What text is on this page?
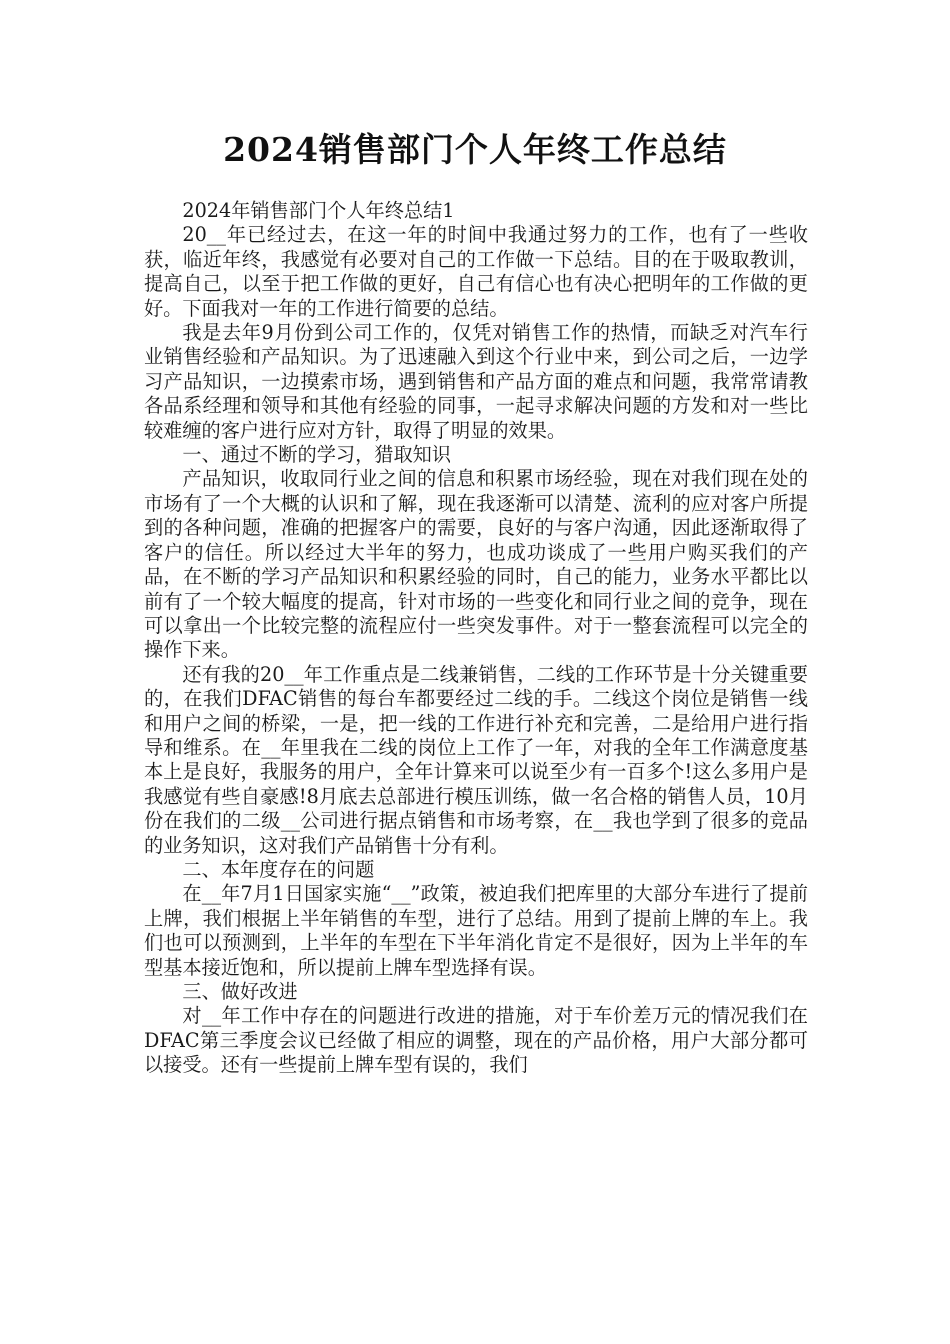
2024销售部门个人年终工作总结

2024年销售部门个人年终总结1

20__年已经过去，在这一年的时间中我通过努力的工作，也有了一些收获，临近年终，我感觉有必要对自己的工作做一下总结。目的在于吸取教训，提高自己，以至于把工作做的更好，自己有信心也有决心把明年的工作做的更好。下面我对一年的工作进行简要的总结。

我是去年9月份到公司工作的，仅凭对销售工作的热情，而缺乏对汽车行业销售经验和产品知识。为了迅速融入到这个行业中来，到公司之后，一边学习产品知识，一边摸索市场，遇到销售和产品方面的难点和问题，我常常请教各品系经理和领导和其他有经验的同事，一起寻求解决问题的方发和对一些比较难缠的客户进行应对方针，取得了明显的效果。

一、通过不断的学习，猎取知识

产品知识，收取同行业之间的信息和积累市场经验，现在对我们现在处的市场有了一个大概的认识和了解，现在我逐渐可以清楚、流利的应对客户所提到的各种问题，准确的把握客户的需要，良好的与客户沟通，因此逐渐取得了客户的信任。所以经过大半年的努力，也成功谈成了一些用户购买我们的产品，在不断的学习产品知识和积累经验的同时，自己的能力，业务水平都比以前有了一个较大幅度的提高，针对市场的一些变化和同行业之间的竞争，现在可以拿出一个比较完整的流程应付一些突发事件。对于一整套流程可以完全的操作下来。

还有我的20__年工作重点是二线兼销售，二线的工作环节是十分关键重要的，在我们DFAC销售的每台车都要经过二线的手。二线这个岗位是销售一线和用户之间的桥梁，一是，把一线的工作进行补充和完善，二是给用户进行指导和维系。在__年里我在二线的岗位上工作了一年，对我的全年工作满意度基本上是良好，我服务的用户，全年计算来可以说至少有一百多个!这么多用户是我感觉有些自豪感!8月底去总部进行模压训练，做一名合格的销售人员，10月份在我们的二级__公司进行据点销售和市场考察，在__我也学到了很多的竞品的业务知识，这对我们产品销售十分有利。

二、本年度存在的问题

在__年7月1日国家实施“__”政策，被迫我们把库里的大部分车进行了提前上牌，我们根据上半年销售的车型，进行了总结。用到了提前上牌的车上。我们也可以预测到，上半年的车型在下半年消化肯定不是很好，因为上半年的车型基本接近饱和，所以提前上牌车型选择有误。

三、做好改进

对__年工作中存在的问题进行改进的措施，对于车价差万元的情况我们在DFAC第三季度会议已经做了相应的调整，现在的产品价格，用户大部分都可以接受。还有一些提前上牌车型有误的，我们
